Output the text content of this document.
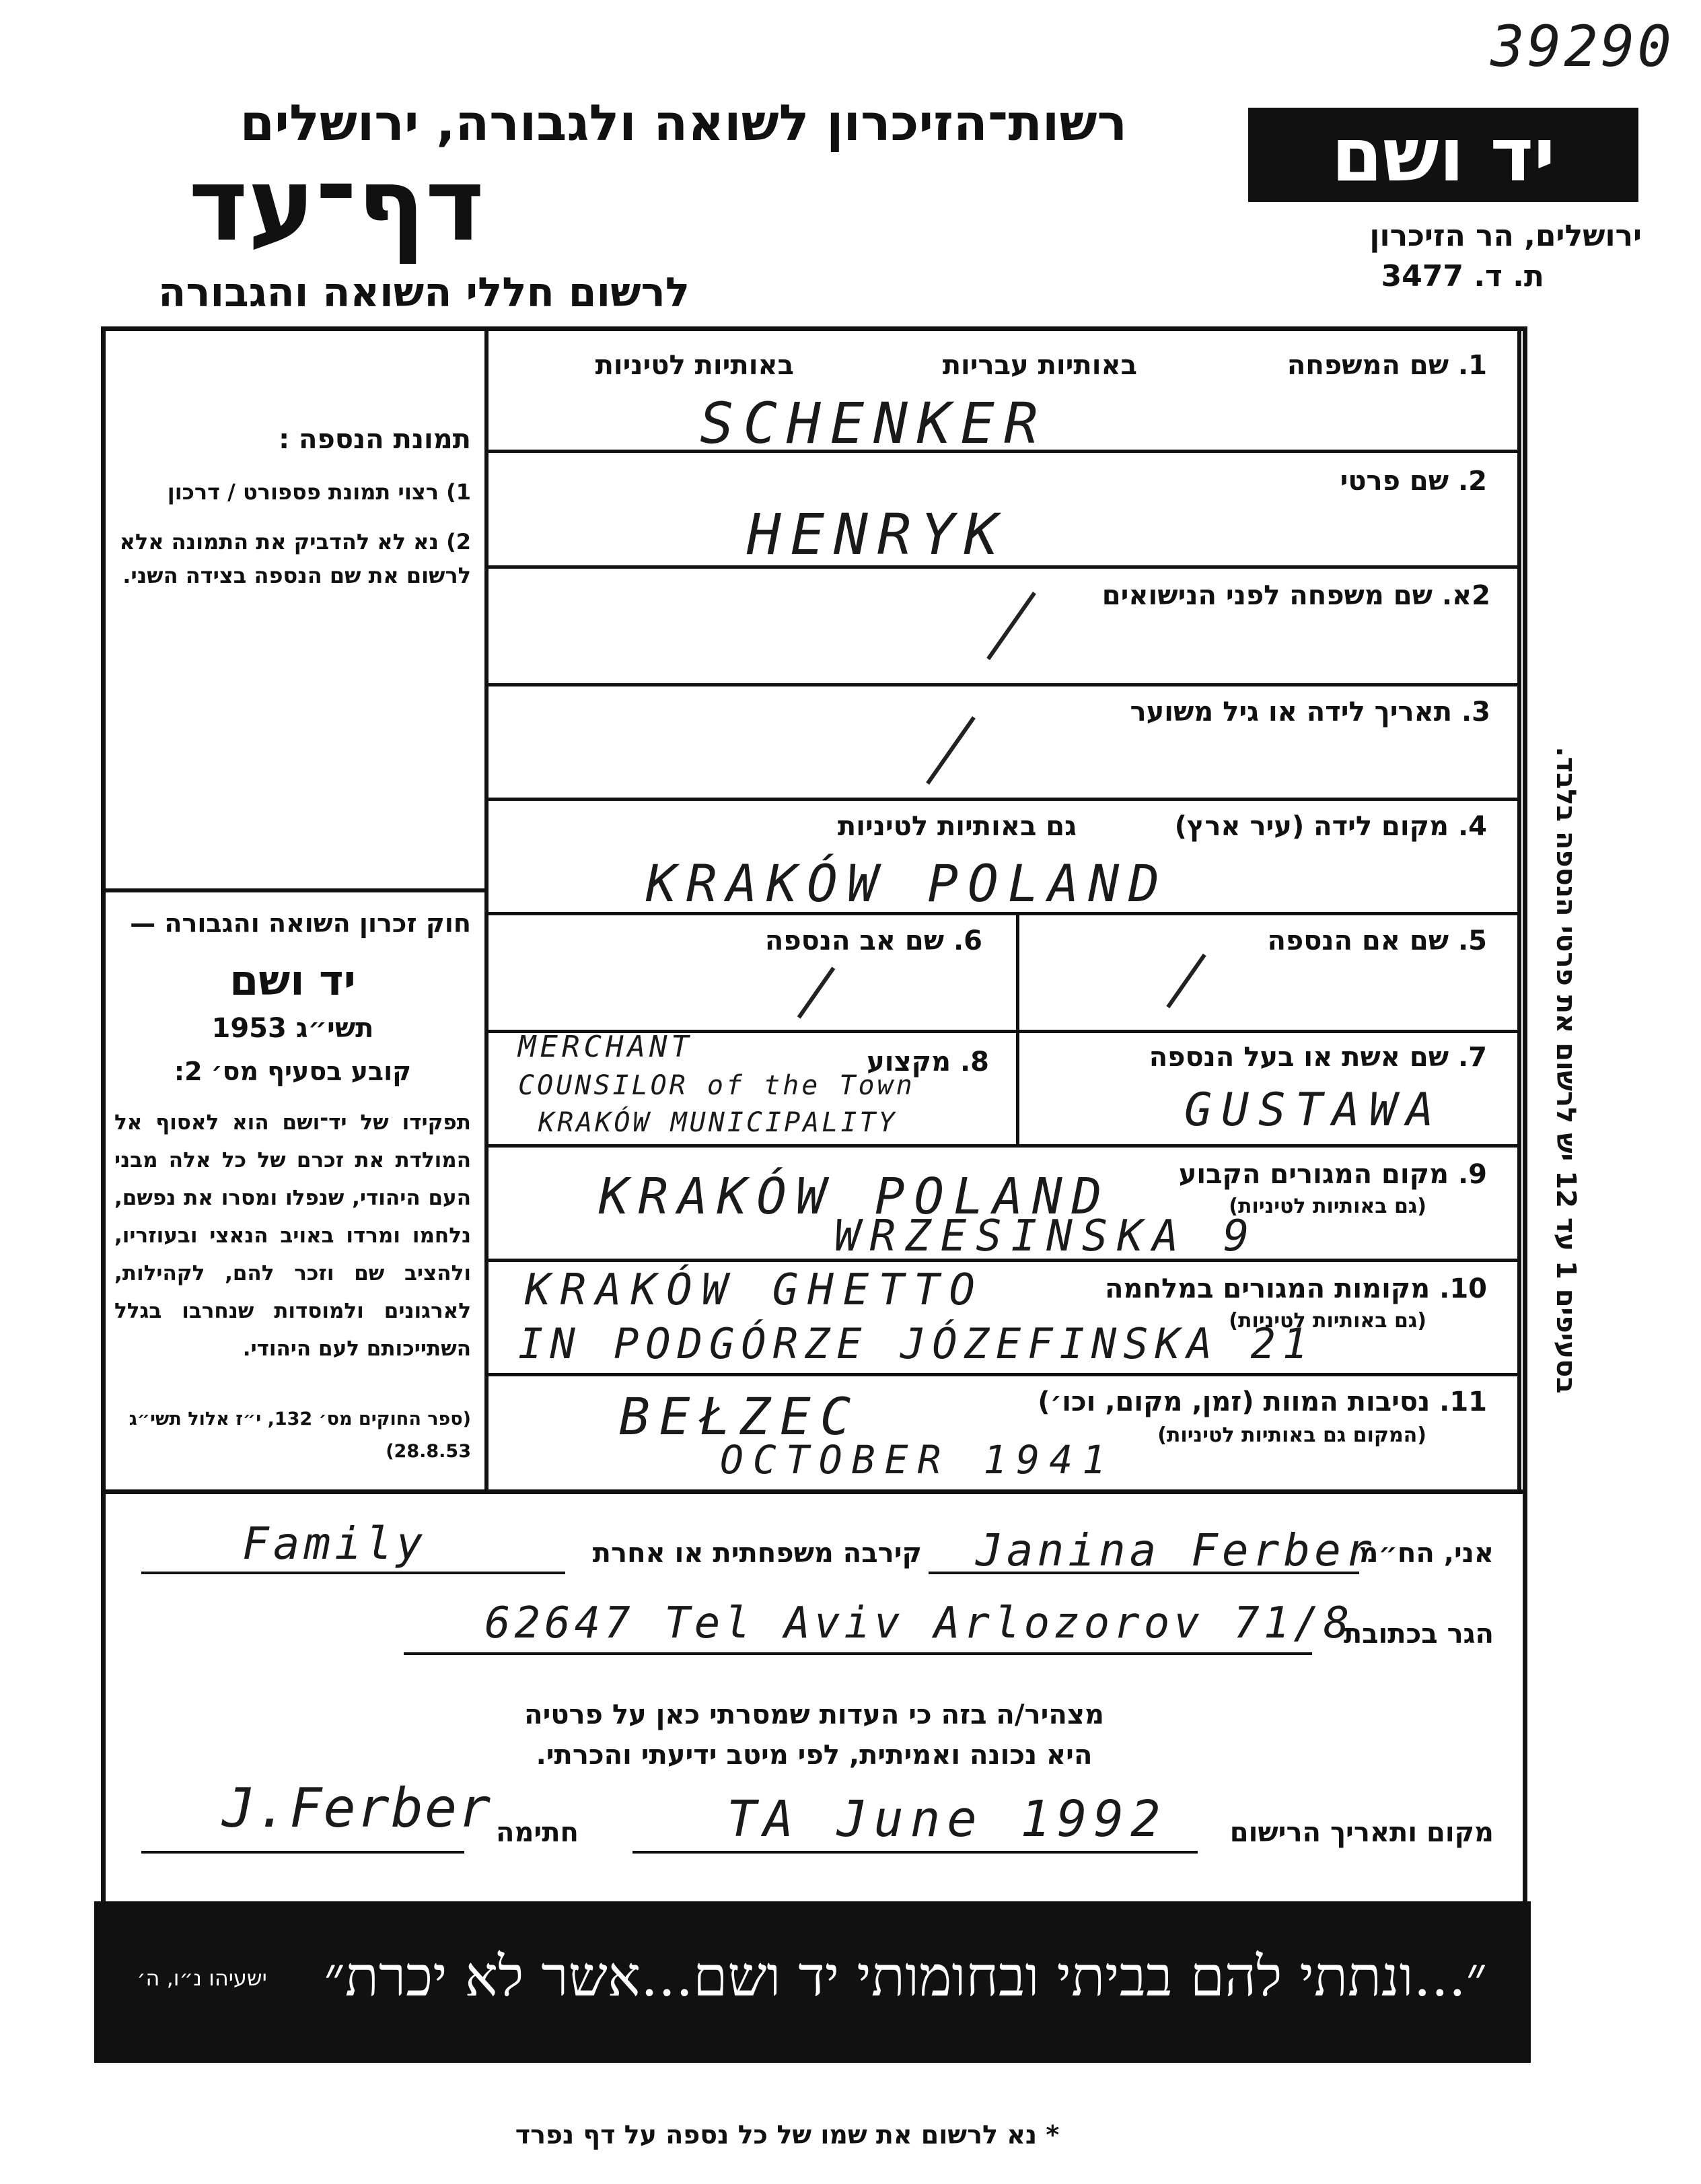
39290
יד ושם
ירושלים, הר הזיכרון
ת. ד. 3477
רשות־הזיכרון לשואה ולגבורה, ירושלים
דף־עד
לרשום חללי השואה והגבורה
תמונת הנספה :
1) רצוי תמונת פספורט / דרכון
2) נא לא להדביק את התמונה אלא לרשום את שם הנספה בצידה השני.
חוק זכרון השואה והגבורה —
יד ושם
תשי״ג 1953
קובע בסעיף מס׳ 2:
תפקידו של יד־ושם הוא לאסוף אל המולדת את זכרם של כל אלה מבני העם היהודי, שנפלו ומסרו את נפשם, נלחמו ומרדו באויב הנאצי ובעוזריו, ולהציב שם וזכר להם, לקהילות, לארגונים ולמוסדות שנחרבו בגלל השתייכותם לעם היהודי.
(ספר החוקים מס׳ 132, י״ז אלול תשי״ג 28.8.53)
1. שם המשפחה
באותיות עבריות
באותיות לטיניות
SCHENKER
2. שם פרטי
HENRYK
2א. שם משפחה לפני הנישואים
3. תאריך לידה או גיל משוער
4. מקום לידה (עיר ארץ)
גם באותיות לטיניות
KRAKÓW POLAND
5. שם אם הנספה
6. שם אב הנספה
7. שם אשת או בעל הנספה
GUSTAWA
8. מקצוע
MERCHANT
COUNSILOR of the Town
KRAKÓW MUNICIPALITY
9. מקום המגורים הקבוע
(גם באותיות לטיניות)
KRAKÓW POLAND
WRZESINSKA 9
10. מקומות המגורים במלחמה
(גם באותיות לטיניות)
KRAKÓW GHETTO
IN PODGÓRZE JÓZEFINSKA 21
11. נסיבות המוות (זמן, מקום, וכו׳)
(המקום גם באותיות לטיניות)
BEŁZEC
OCTOBER 1941
בסעיפים 1 עד 12 יש לרשום את פרטי הנספה בלבד.
אני, הח״מ
Janina Ferber
קירבה משפחתית או אחרת
Family
הגר בכתובת
62647 Tel Aviv Arlozorov 71/8
מצהיר/ה בזה כי העדות שמסרתי כאן על פרטיה
היא נכונה ואמיתית, לפי מיטב ידיעתי והכרתי.
מקום ותאריך הרישום
TA June 1992
חתימה
J.Ferber
״...ונתתי להם בביתי ובחומותי יד ושם...אשר לא יכרת״
ישעיהו נ״ו, ה׳
* נא לרשום את שמו של כל נספה על דף נפרד
